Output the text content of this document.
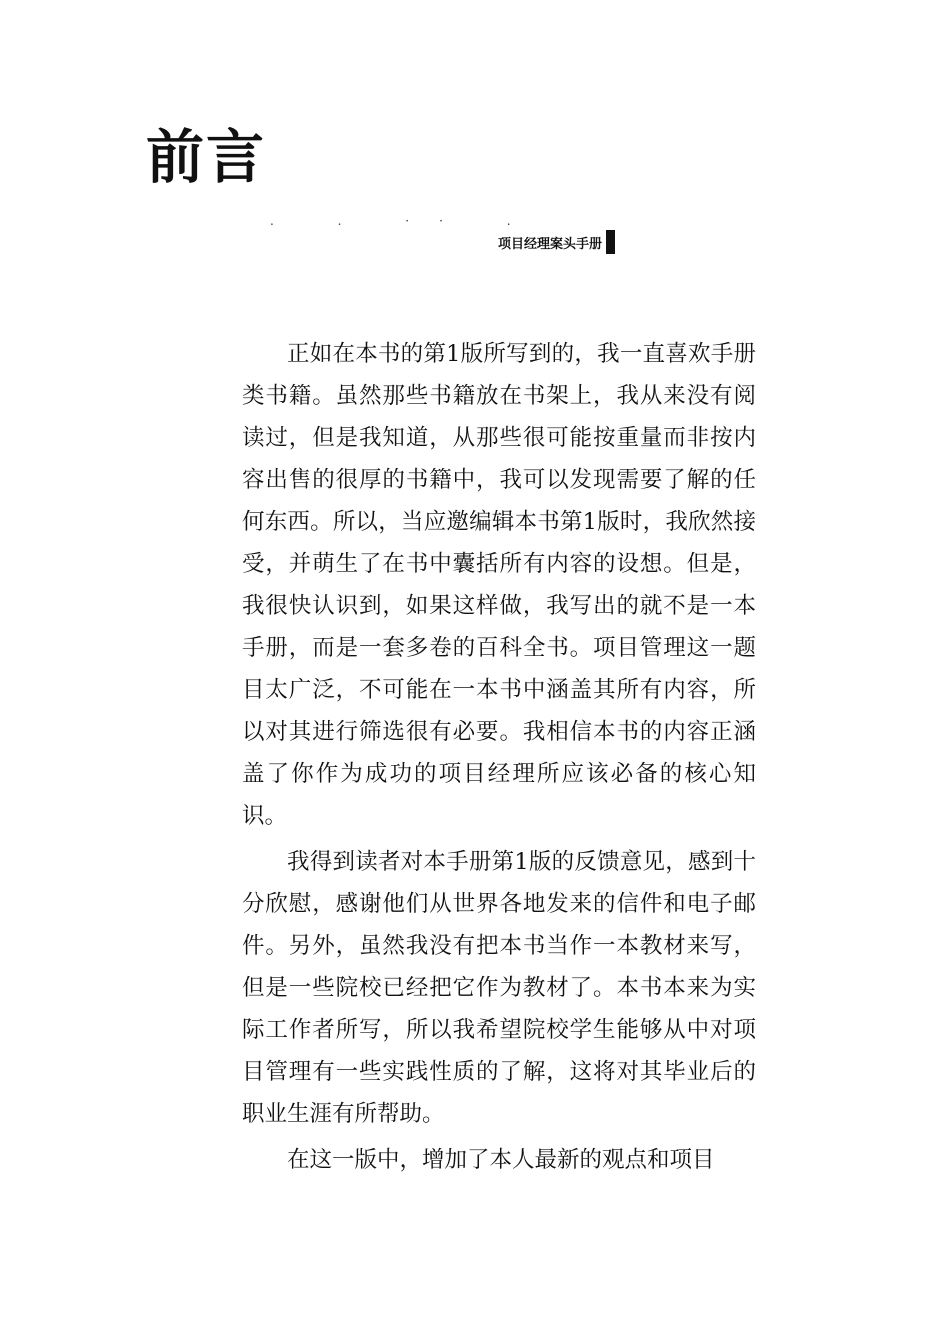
前言
. . ·· .
项目经理案头手册

正如在本书的第1版所写到的，我一直喜欢手册类书籍。虽然那些书籍放在书架上，我从来没有阅读过，但是我知道，从那些很可能按重量而非按内容出售的很厚的书籍中，我可以发现需要了解的任何东西。所以，当应邀编辑本书第1版时，我欣然接受，并萌生了在书中囊括所有内容的设想。但是，我很快认识到，如果这样做，我写出的就不是一本手册，而是一套多卷的百科全书。项目管理这一题目太广泛，不可能在一本书中涵盖其所有内容，所以对其进行筛选很有必要。我相信本书的内容正涵盖了你作为成功的项目经理所应该必备的核心知识。

我得到读者对本手册第1版的反馈意见，感到十分欣慰，感谢他们从世界各地发来的信件和电子邮件。另外，虽然我没有把本书当作一本教材来写，但是一些院校已经把它作为教材了。本书本来为实际工作者所写，所以我希望院校学生能够从中对项目管理有一些实践性质的了解，这将对其毕业后的职业生涯有所帮助。

在这一版中，增加了本人最新的观点和项目
